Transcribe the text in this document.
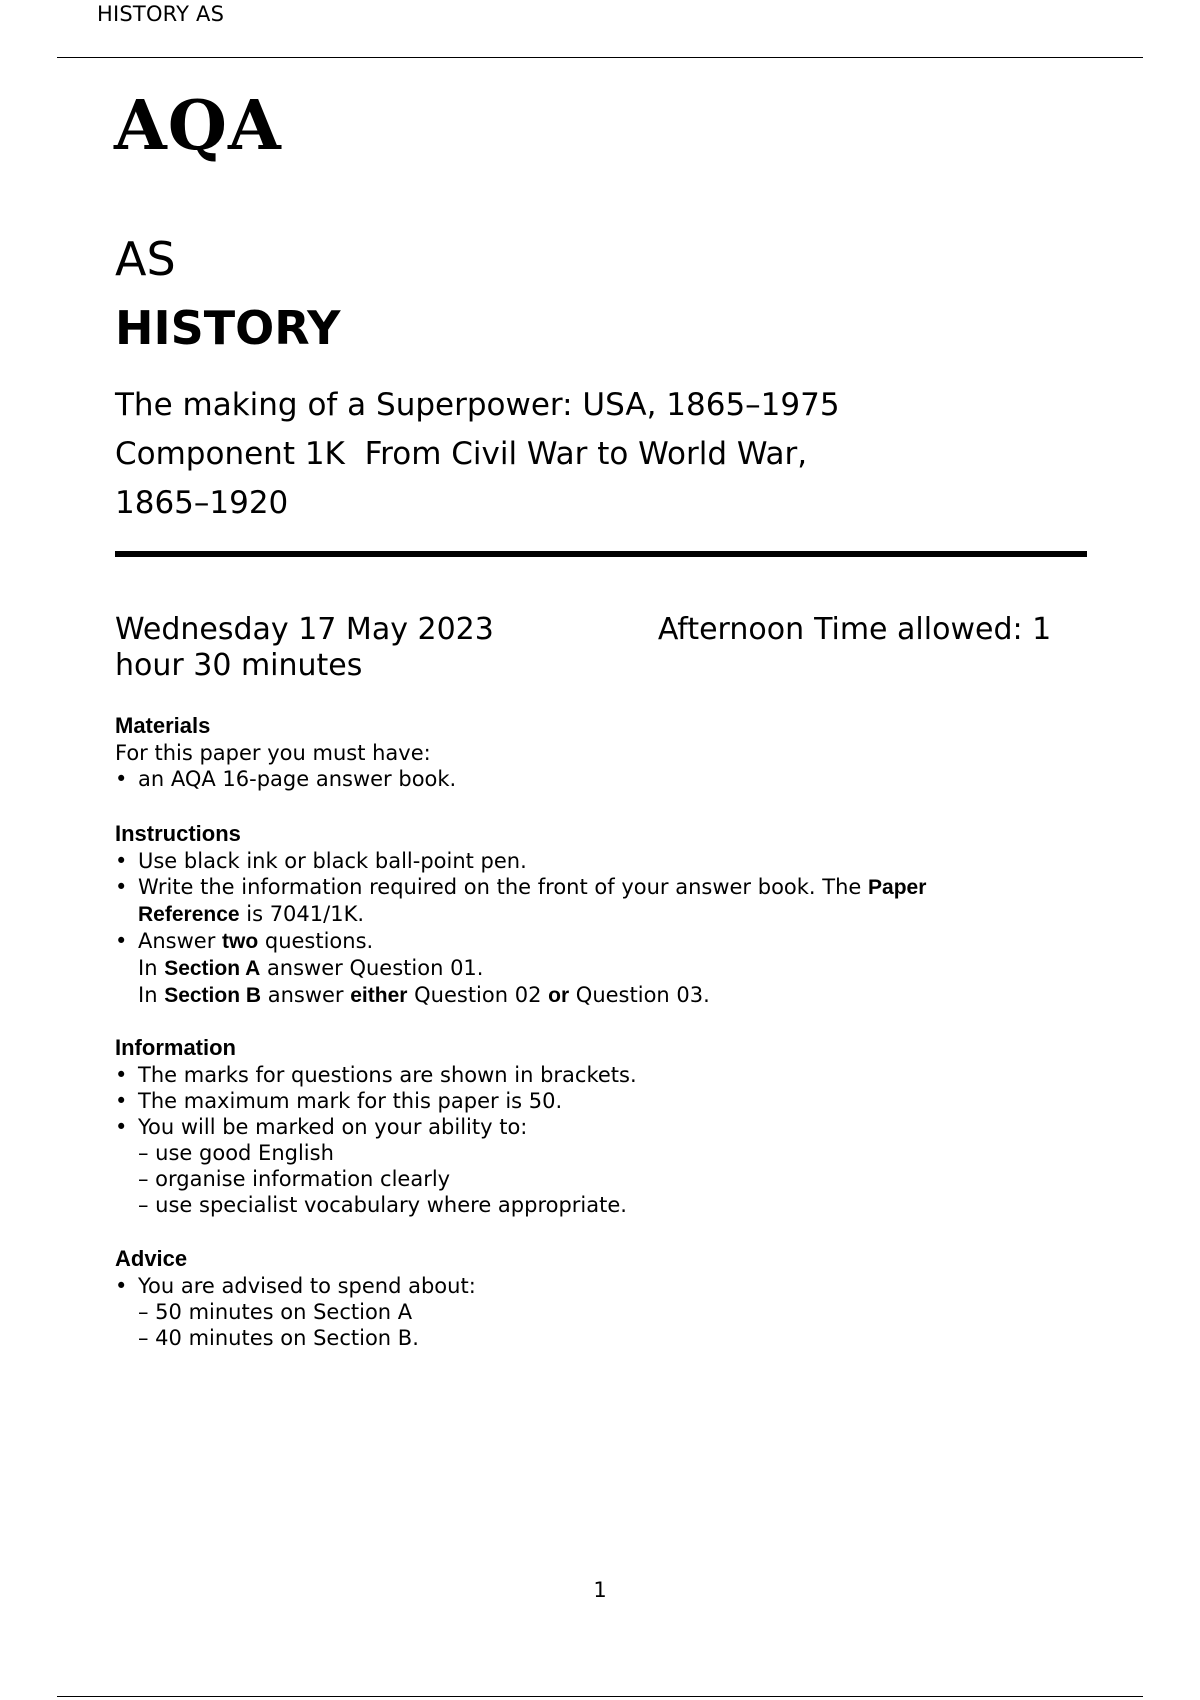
HISTORY AS
AQA
AS
HISTORY
The making of a Superpower: USA, 1865–1975
Component 1K  From Civil War to World War,
1865–1920
Wednesday 17 May 2023	Afternoon Time allowed: 1 hour 30 minutes
Materials
For this paper you must have:
• an AQA 16-page answer book.
Instructions
• Use black ink or black ball-point pen.
• Write the information required on the front of your answer book. The Paper Reference is 7041/1K.
• Answer two questions.
In Section A answer Question 01.
In Section B answer either Question 02 or Question 03.
Information
• The marks for questions are shown in brackets.
• The maximum mark for this paper is 50.
• You will be marked on your ability to:
– use good English
– organise information clearly
– use specialist vocabulary where appropriate.
Advice
• You are advised to spend about:
– 50 minutes on Section A
– 40 minutes on Section B.
1
